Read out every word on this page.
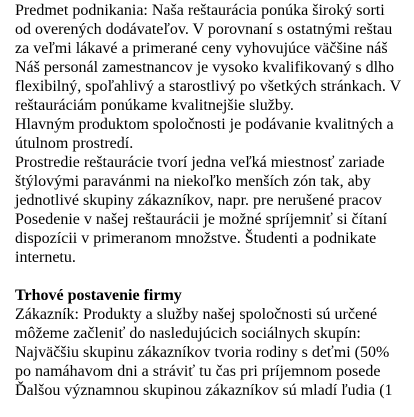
Predmet podnikania: Naša reštaurácia ponúka široký sorti
od overených dodávateľov. V porovnaní s ostatnými reštau
za veľmi lákavé a primerané ceny vyhovujúce väčšine náš
Náš personál zamestnancov je vysoko kvalifikovaný s dlho
flexibilný, spoľahlivý a starostlivý po všetkých stránkach. V
reštauráciám ponúkame kvalitnejšie služby.
Hlavným produktom spoločnosti je podávanie kvalitných a
útulnom prostredí.
Prostredie reštaurácie tvorí jedna veľká miestnosť zariade
štýlovými paravánmi na niekoľko menších zón tak, aby
jednotlivé skupiny zákazníkov, napr. pre nerušené pracov
Posedenie v našej reštaurácii je možné spríjemniť si čítaní
dispozícii v primeranom množstve. Študenti a podnikate
internetu.
Trhové postavenie firmy
Zákazník: Produkty a služby našej spoločnosti sú určené
môžeme začleniť do nasledujúcich sociálnych skupín:
Najväčšiu skupinu zákazníkov tvoria rodiny s deťmi (50%
po namáhavom dni a stráviť tu čas pri príjemnom posede
Ďalšou významnou skupinou zákazníkov sú mladí ľudia (1
